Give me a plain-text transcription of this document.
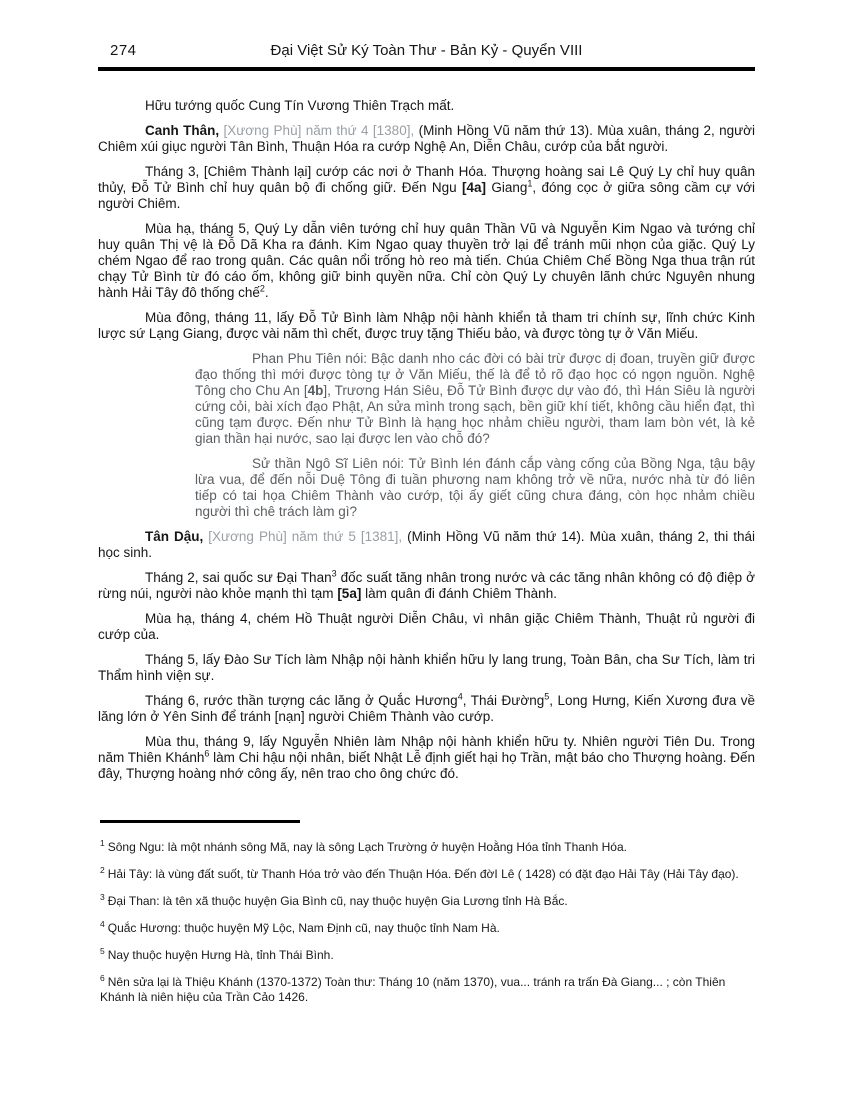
274	Đại Việt Sử Ký Toàn Thư - Bản Kỷ - Quyển VIII

Hữu tướng quốc Cung Tín Vương Thiên Trạch mất.

Canh Thân, [Xương Phù] năm thứ 4 [1380], (Minh Hồng Vũ năm thứ 13). Mùa xuân, tháng 2, người Chiêm xúi giục người Tân Bình, Thuận Hóa ra cướp Nghệ An, Diễn Châu, cướp của bắt người.

Tháng 3, [Chiêm Thành lại] cướp các nơi ở Thanh Hóa. Thượng hoàng sai Lê Quý Ly chỉ huy quân thủy, Đỗ Tử Bình chỉ huy quân bộ đi chống giữ. Đến Ngu [4a] Giang$^1$, đóng cọc ở giữa sông cầm cự với người Chiêm.

Mùa hạ, tháng 5, Quý Ly dẫn viên tướng chỉ huy quân Thần Vũ và Nguyễn Kim Ngao và tướng chỉ huy quân Thị vệ là Đỗ Dã Kha ra đánh. Kim Ngao quay thuyền trở lại để tránh mũi nhọn của giặc. Quý Ly chém Ngao để rao trong quân. Các quân nổi trống hò reo mà tiến. Chúa Chiêm Chế Bồng Nga thua trận rút chạy Tử Bình từ đó cáo ốm, không giữ binh quyền nữa. Chỉ còn Quý Ly chuyên lãnh chức Nguyên nhung hành Hải Tây đô thống chế$^2$.

Mùa đông, tháng 11, lấy Đỗ Tử Bình làm Nhập nội hành khiển tả tham tri chính sự, lĩnh chức Kinh lược sứ Lạng Giang, được vài năm thì chết, được truy tặng Thiếu bảo, và được tòng tự ở Văn Miếu.

Phan Phu Tiên nói: Bậc danh nho các đời có bài trừ được dị đoan, truyền giữ được đạo thống thì mới được tòng tự ở Văn Miếu, thế là để tỏ rõ đạo học có ngọn nguồn. Nghệ Tông cho Chu An [4b], Trương Hán Siêu, Đỗ Tử Bình được dự vào đó, thì Hán Siêu là người cứng cỏi, bài xích đạo Phật, An sửa mình trong sạch, bền giữ khí tiết, không cầu hiển đạt, thì cũng tạm được. Đến như Tử Bình là hạng học nhảm chiều người, tham lam bòn vét, là kẻ gian thần hại nước, sao lại được len vào chỗ đó?

Sử thần Ngô Sĩ Liên nói: Tử Bình lén đánh cắp vàng cống của Bồng Nga, tậu bậy lừa vua, để đến nỗi Duệ Tông đi tuần phương nam không trở về nữa, nước nhà từ đó liên tiếp có tai họa Chiêm Thành vào cướp, tội ấy giết cũng chưa đáng, còn học nhảm chiều người thì chê trách làm gì?

Tân Dậu, [Xương Phù] năm thứ 5 [1381], (Minh Hồng Vũ năm thứ 14). Mùa xuân, tháng 2, thi thái học sinh.

Tháng 2, sai quốc sư Đại Than$^3$ đốc suất tăng nhân trong nước và các tăng nhân không có độ điệp ở rừng núi, người nào khỏe mạnh thì tạm [5a] làm quân đi đánh Chiêm Thành.

Mùa hạ, tháng 4, chém Hồ Thuật người Diễn Châu, vì nhân giặc Chiêm Thành, Thuật rủ người đi cướp của.

Tháng 5, lấy Đào Sư Tích làm Nhập nội hành khiển hữu ly lang trung, Toàn Bân, cha Sư Tích, làm tri Thẩm hình viện sự.

Tháng 6, rước thần tượng các lăng ở Quắc Hương$^4$, Thái Đường$^5$, Long Hưng, Kiến Xương đưa về lăng lớn ở Yên Sinh để tránh [nạn] người Chiêm Thành vào cướp.

Mùa thu, tháng 9, lấy Nguyễn Nhiên làm Nhập nội hành khiển hữu ty. Nhiên người Tiên Du. Trong năm Thiên Khánh$^6$ làm Chi hậu nội nhân, biết Nhật Lễ định giết hại họ Trần, mật báo cho Thượng hoàng. Đến đây, Thượng hoàng nhớ công ấy, nên trao cho ông chức đó.

$^1$ Sông Ngu: là một nhánh sông Mã, nay là sông Lạch Trường ở huyện Hoằng Hóa tỉnh Thanh Hóa.

$^2$ Hải Tây: là vùng đất suốt, từ Thanh Hóa trở vào đến Thuận Hóa. Đến đờI Lê ( 1428) có đặt đạo Hải Tây (Hải Tây đạo).

$^3$ Đại Than: là tên xã thuộc huyện Gia Bình cũ, nay thuộc huyện Gia Lương tỉnh Hà Bắc.

$^4$ Quắc Hương: thuộc huyện Mỹ Lộc, Nam Định cũ, nay thuộc tỉnh Nam Hà.

$^5$ Nay thuộc huyện Hưng Hà, tỉnh Thái Bình.

$^6$ Nên sửa lại là Thiệu Khánh (1370-1372) Toàn thư: Tháng 10 (năm 1370), vua... tránh ra trấn Đà Giang... ; còn Thiên Khánh là niên hiệu của Trần Cảo 1426.
